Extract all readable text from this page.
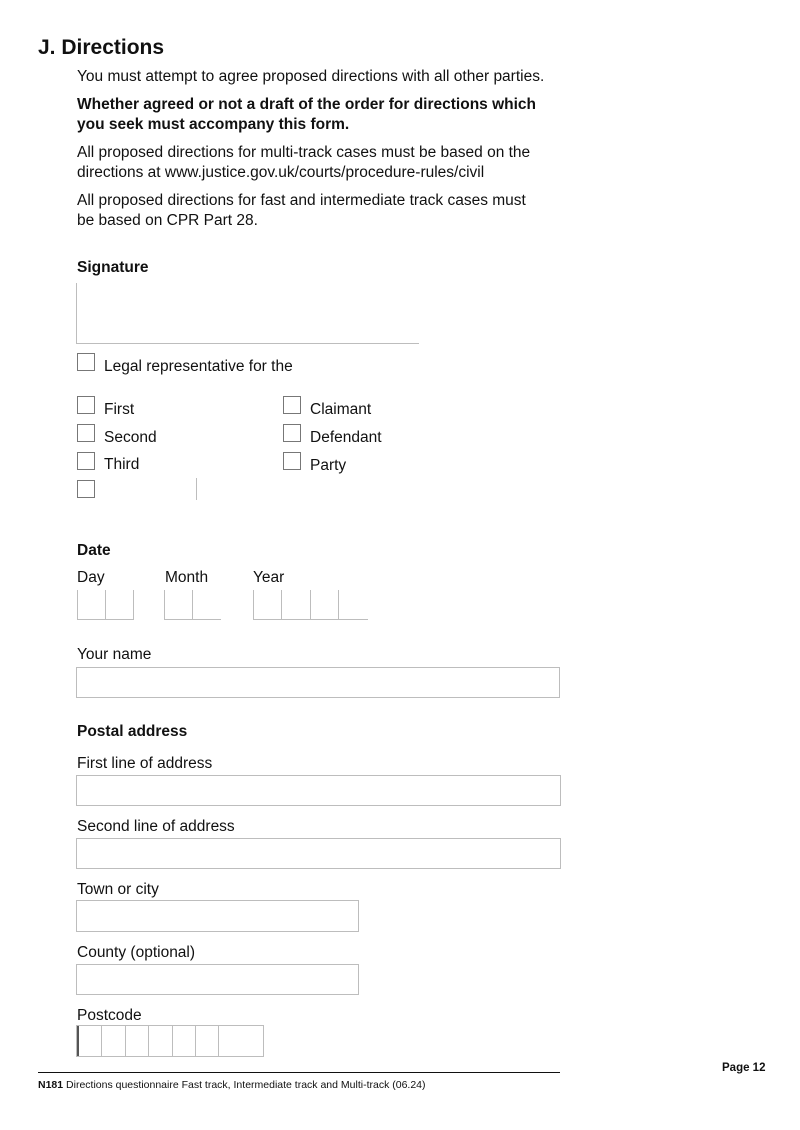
J. Directions
You must attempt to agree proposed directions with all other parties.
Whether agreed or not a draft of the order for directions which
you seek must accompany this form.
All proposed directions for multi-track cases must be based on the
directions at www.justice.gov.uk/courts/procedure-rules/civil
All proposed directions for fast and intermediate track cases must
be based on CPR Part 28.
Signature
Legal representative for the
First
Second
Third
Claimant
Defendant
Party
Date
Day	Month	Year
Your name
Postal address
First line of address
Second line of address
Town or city
County (optional)
Postcode
N181 Directions questionnaire Fast track, Intermediate track and Multi-track (06.24)
Page 12
